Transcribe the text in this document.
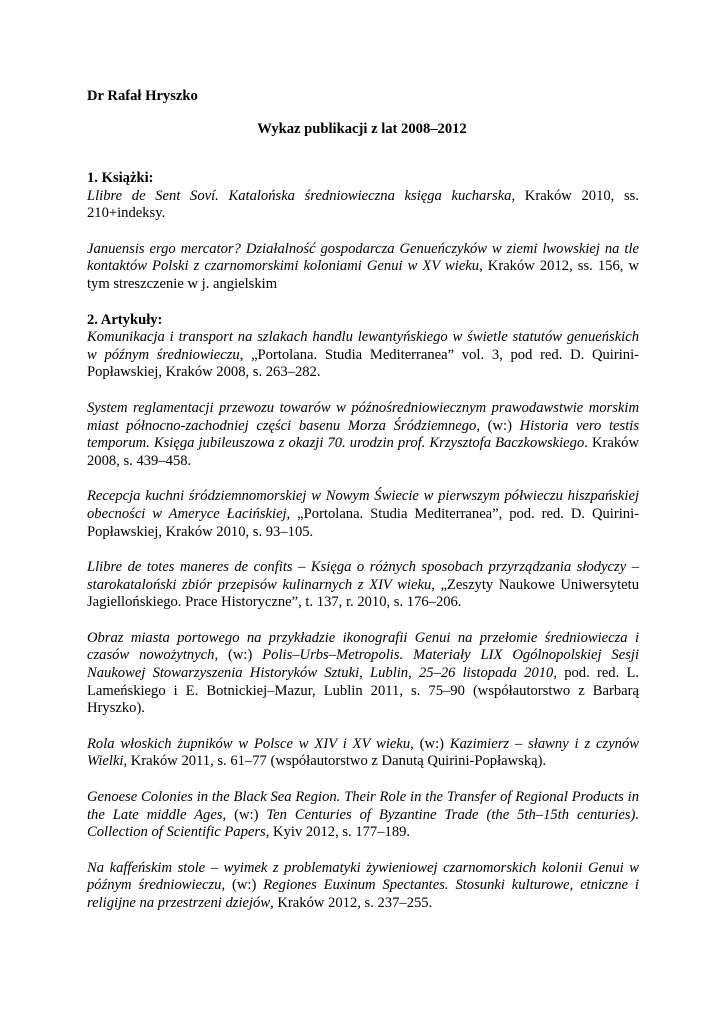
Dr Rafał Hryszko
Wykaz publikacji z lat 2008–2012
1. Książki:

Llibre de Sent Soví. Katalońska średniowieczna księga kucharska, Kraków 2010, ss. 210+indeksy.

Januensis ergo mercator? Działalność gospodarcza Genueńczyków w ziemi lwowskiej na tle kontaktów Polski z czarnomorskimi koloniami Genui w XV wieku, Kraków 2012, ss. 156, w tym streszczenie w j. angielskim

2. Artykuły:

Komunikacja i transport na szlakach handlu lewantyńskiego w świetle statutów genueńskich w późnym średniowieczu, „Portolana. Studia Mediterranea” vol. 3, pod red. D. Quirini-Popławskiej, Kraków 2008, s. 263–282.

System reglamentacji przewozu towarów w późnośredniowiecznym prawodawstwie morskim miast północno-zachodniej części basenu Morza Śródziemnego, (w:) Historia vero testis temporum. Księga jubileuszowa z okazji 70. urodzin prof. Krzysztofa Baczkowskiego. Kraków 2008, s. 439–458.

Recepcja kuchni śródziemnomorskiej w Nowym Świecie w pierwszym półwieczu hiszpańskiej obecności w Ameryce Łacińskiej, „Portolana. Studia Mediterranea”, pod. red. D. Quirini-Popławskiej, Kraków 2010, s. 93–105.

Llibre de totes maneres de confits – Księga o różnych sposobach przyrządzania słodyczy – starokataloński zbiór przepisów kulinarnych z XIV wieku, „Zeszyty Naukowe Uniwersytetu Jagiellońskiego. Prace Historyczne”, t. 137, r. 2010, s. 176–206.

Obraz miasta portowego na przykładzie ikonografii Genui na przełomie średniowiecza i czasów nowożytnych, (w:) Polis–Urbs–Metropolis. Materiały LIX Ogólnopolskiej Sesji Naukowej Stowarzyszenia Historyków Sztuki, Lublin, 25–26 listopada 2010, pod. red. L. Lameńskiego i E. Botnickiej–Mazur, Lublin 2011, s. 75–90 (współautorstwo z Barbarą Hryszko).

Rola włoskich żupników w Polsce w XIV i XV wieku, (w:) Kazimierz – sławny i z czynów Wielki, Kraków 2011, s. 61–77 (współautorstwo z Danutą Quirini-Popławską).

Genoese Colonies in the Black Sea Region. Their Role in the Transfer of Regional Products in the Late middle Ages, (w:) Ten Centuries of Byzantine Trade (the 5th–15th centuries). Collection of Scientific Papers, Kyiv 2012, s. 177–189.

Na kaffeńskim stole – wyimek z problematyki żywieniowej czarnomorskich kolonii Genui w późnym średniowieczu, (w:) Regiones Euxinum Spectantes. Stosunki kulturowe, etniczne i religijne na przestrzeni dziejów, Kraków 2012, s. 237–255.
